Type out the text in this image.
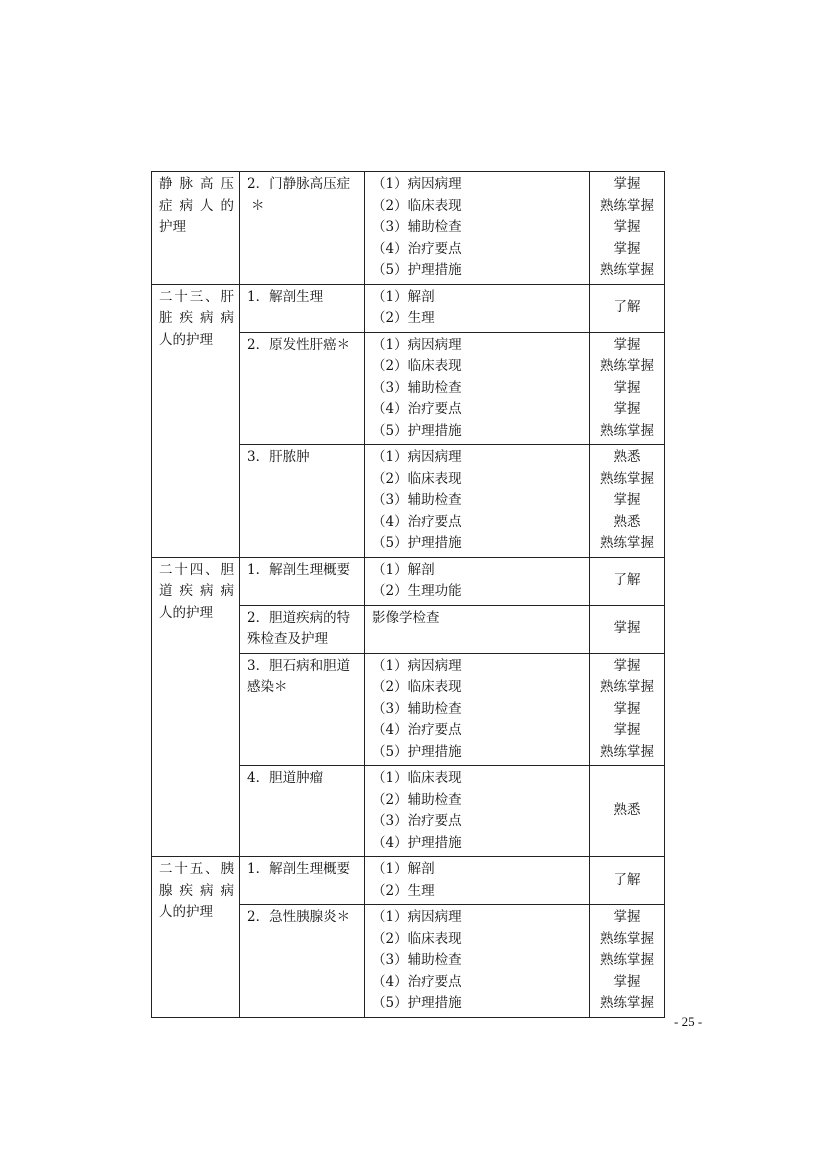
静 脉 高 压
症 病 人 的
护理	2．门静脉高压症
＊	（1）病因病理
（2）临床表现
（3）辅助检查
（4）治疗要点
（5）护理措施	掌握
熟练掌握
掌握
掌握
熟练掌握

二十三、肝
脏 疾 病 病
人的护理	1．解剖生理	（1）解剖
（2）生理	了解

	2．原发性肝癌＊	（1）病因病理
（2）临床表现
（3）辅助检查
（4）治疗要点
（5）护理措施	掌握
熟练掌握
掌握
掌握
熟练掌握

	3．肝脓肿	（1）病因病理
（2）临床表现
（3）辅助检查
（4）治疗要点
（5）护理措施	熟悉
熟练掌握
掌握
熟悉
熟练掌握

二十四、胆
道 疾 病 病
人的护理	1．解剖生理概要	（1）解剖
（2）生理功能	了解

	2．胆道疾病的特
殊检查及护理	影像学检查	掌握

	3．胆石病和胆道
感染＊	（1）病因病理
（2）临床表现
（3）辅助检查
（4）治疗要点
（5）护理措施	掌握
熟练掌握
掌握
掌握
熟练掌握

	4．胆道肿瘤	（1）临床表现
（2）辅助检查
（3）治疗要点
（4）护理措施	熟悉

二十五、胰
腺 疾 病 病
人的护理	1．解剖生理概要	（1）解剖
（2）生理	了解

	2．急性胰腺炎＊	（1）病因病理
（2）临床表现
（3）辅助检查
（4）治疗要点
（5）护理措施	掌握
熟练掌握
熟练掌握
掌握
熟练掌握
- 25 -
